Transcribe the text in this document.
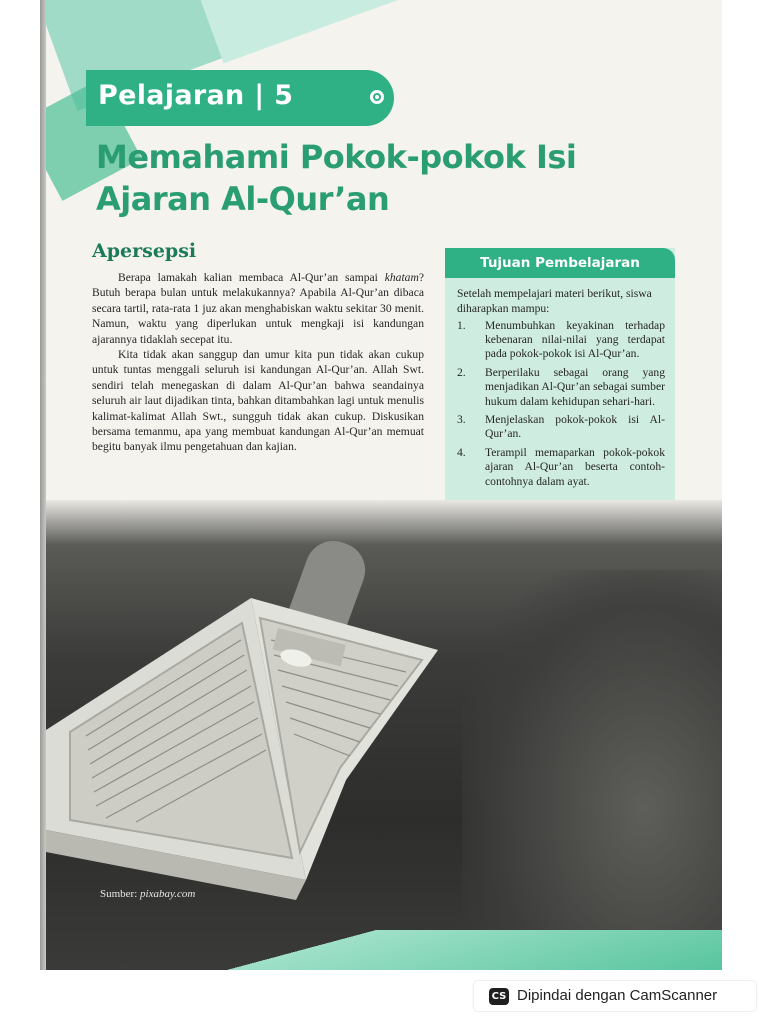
Pelajaran | 5
Memahami Pokok-pokok Isi
Ajaran Al-Qur’an
Apersepsi

Berapa lamakah kalian membaca Al-Qur’an sampai khatam? Butuh berapa bulan untuk melakukannya? Apabila Al-Qur’an dibaca secara tartil, rata-rata 1 juz akan menghabiskan waktu sekitar 30 menit. Namun, waktu yang diperlukan untuk mengkaji isi kandungan ajarannya tidaklah secepat itu.

Kita tidak akan sanggup dan umur kita pun tidak akan cukup untuk tuntas menggali seluruh isi kandungan Al-Qur’an. Allah Swt. sendiri telah menegaskan di dalam Al-Qur’an bahwa seandainya seluruh air laut dijadikan tinta, bahkan ditambahkan lagi untuk menulis kalimat-kalimat Allah Swt., sungguh tidak akan cukup. Diskusikan bersama temanmu, apa yang membuat kandungan Al-Qur’an memuat begitu banyak ilmu pengetahuan dan kajian.

Tujuan Pembelajaran
Setelah mempelajari materi berikut, siswa diharapkan mampu:
1. Menumbuhkan keyakinan terhadap kebenaran nilai-nilai yang terdapat pada pokok-pokok isi Al-Qur’an.
2. Berperilaku sebagai orang yang menjadikan Al-Qur’an sebagai sumber hukum dalam kehidupan sehari-hari.
3. Menjelaskan pokok-pokok isi Al-Qur’an.
4. Terampil memaparkan pokok-pokok ajaran Al-Qur’an beserta contoh-contohnya dalam ayat.
Sumber: pixabay.com
CS Dipindai dengan CamScanner
